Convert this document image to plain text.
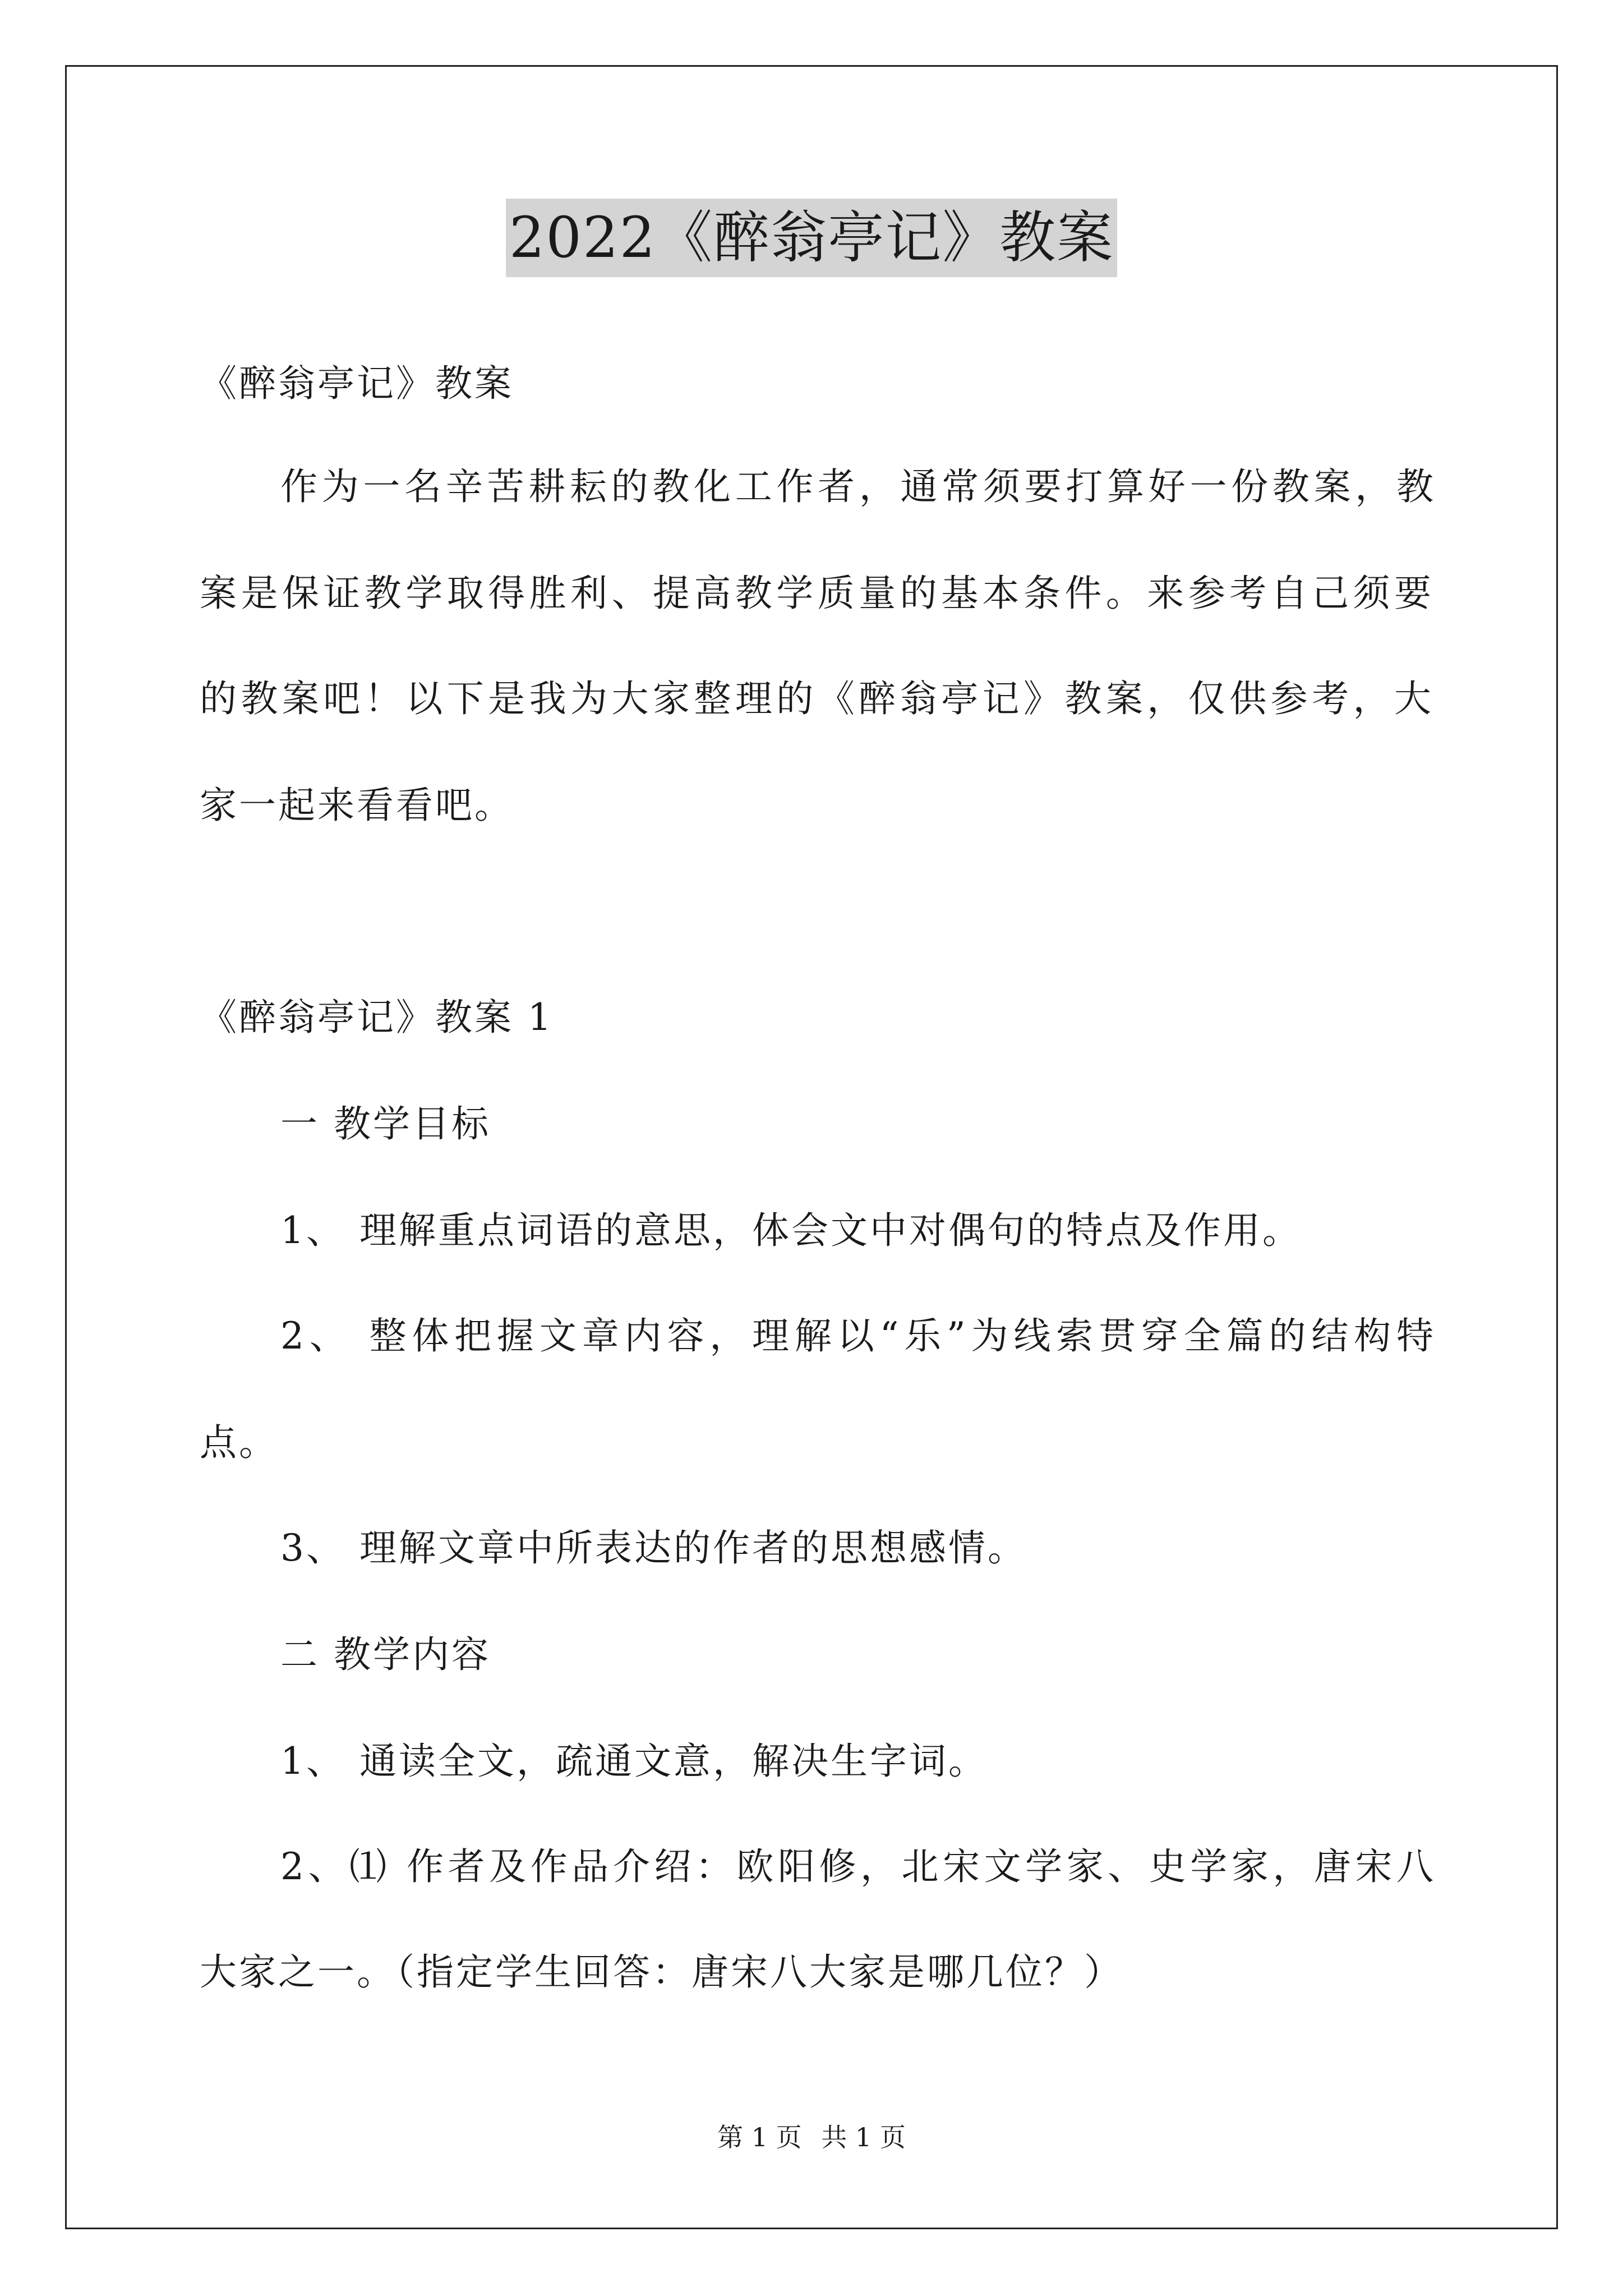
2022《醉翁亭记》教案
《醉翁亭记》教案
作为一名辛苦耕耘的教化工作者，通常须要打算好一份教案，教
案是保证教学取得胜利、提高教学质量的基本条件。来参考自己须要
的教案吧！以下是我为大家整理的《醉翁亭记》教案，仅供参考，大
家一起来看看吧。
《醉翁亭记》教案 1
一 教学目标
1、 理解重点词语的意思，体会文中对偶句的特点及作用。
2、 整体把握文章内容，理解以“乐”为线索贯穿全篇的结构特
点。
3、 理解文章中所表达的作者的思想感情。
二 教学内容
1、 通读全文，疏通文意，解决生字词。
2、⑴ 作者及作品介绍：欧阳修，北宋文学家、史学家，唐宋八
大家之一。（指定学生回答：唐宋八大家是哪几位？）
第 1 页 共 1 页
